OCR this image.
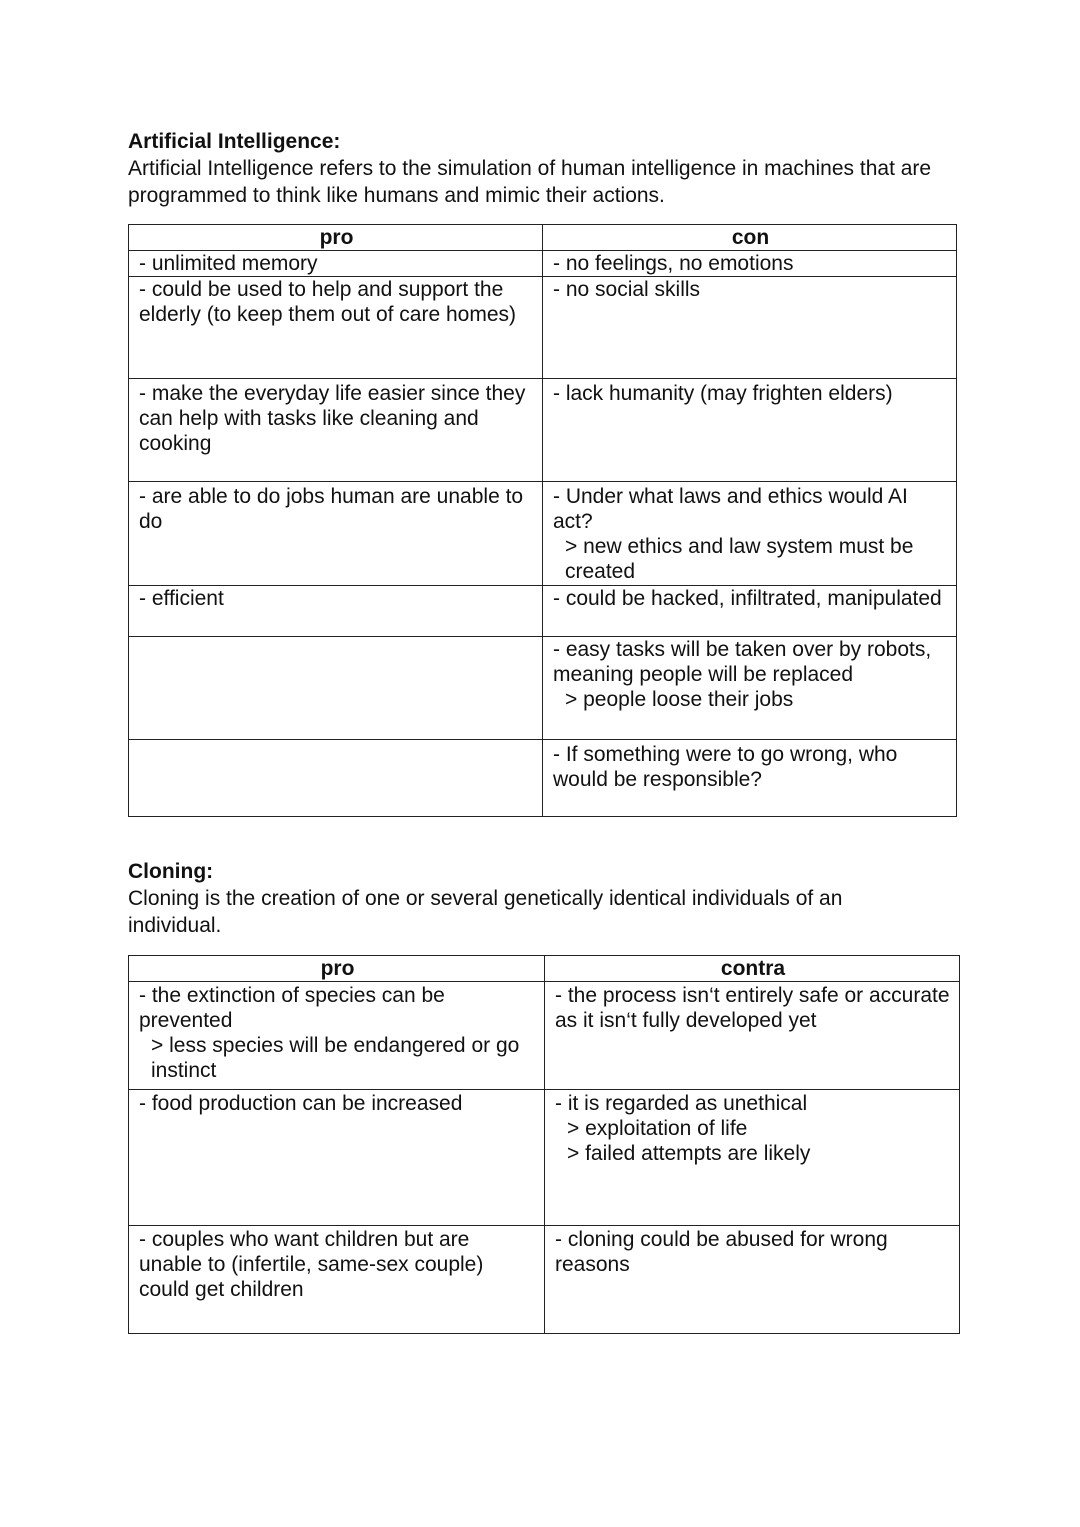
Artificial Intelligence:

Artificial Intelligence refers to the simulation of human intelligence in machines that are programmed to think like humans and mimic their actions.

pro	con

- unlimited memory	- no feelings, no emotions

- could be used to help and support the elderly (to keep them out of care homes)	- no social skills

- make the everyday life easier since they can help with tasks like cleaning and cooking	- lack humanity (may frighten elders)

- are able to do jobs human are unable to do	- Under what laws and ethics would AI act?
> new ethics and law system must be created

- efficient	- could be hacked, infiltrated, manipulated

	- easy tasks will be taken over by robots, meaning people will be replaced
> people loose their jobs

	- If something were to go wrong, who would be responsible?
Cloning:

Cloning is the creation of one or several genetically identical individuals of an individual.

pro	contra

- the extinction of species can be prevented
> less species will be endangered or go instinct	- the process isn‘t entirely safe or accurate as it isn‘t fully developed yet

- food production can be increased	- it is regarded as unethical
> exploitation of life
> failed attempts are likely

- couples who want children but are unable to (infertile, same-sex couple) could get children	- cloning could be abused for wrong reasons
